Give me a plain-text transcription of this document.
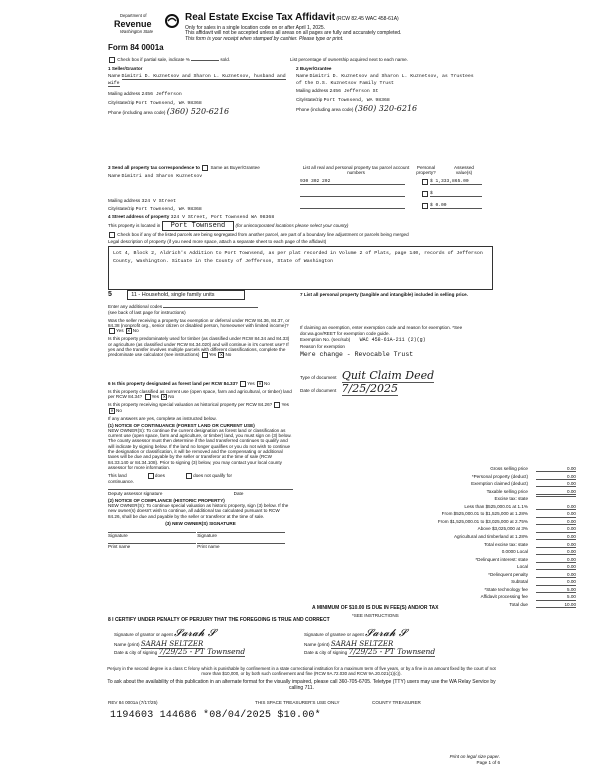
Department of
Revenue
Washington State
Form 84 0001a
Real Estate Excise Tax Affidavit (RCW 82.45 WAC 458-61A)
Only for sales in a single location code on or after April 1, 2025.
This affidavit will not be accepted unless all areas on all pages are fully and accurately completed.
This form is your receipt when stamped by cashier. Please type or print.
Check box if partial sale, indicate %	sold.	List percentage of ownership acquired next to each name.
1 Seller/Grantor
Name Dimitri D. Kuznetsov and Sharon L. Kuznetsov, husband and wife
Mailing address 2456 Jefferson
City/state/zip Port Townsend, WA 98368
Phone (including area code) (360) 520-6216
2 Buyer/Grantee
Name Dimitri D. Kuznetsov and Sharon L. Kuznetsov, as Trustees of the D.S. Kuznetsov Family Trust
Mailing address 2456 Jefferson St
City/state/zip Port Townsend, WA 98368
Phone (including area code) (360) 320-6216
3 Send all property tax correspondence to Same as Buyer/Grantee
Name Dimitri and Sharon Kuznetsov
Mailing address 324 V Street
City/state/zip Port Townsend, WA 98368
List all real and personal property tax parcel account numbers
Personal property?
Assessed value(s)
930 302 202	$ 1,333,865.00
$
$ 0.00
4 Street address of property 324 V Street, Port Townsend WA 98368
This property is located in Port Townsend (for unincorporated locations please select your county)
Check box if any of the listed parcels are being segregated from another parcel, are part of a boundary line adjustment or parcels being merged
Legal description of property (if you need more space, attach a separate sheet to each page of the affidavit)
Lot 4, Block 2, Aldrich's Addition to Port Townsend, as per plat recorded in Volume 2 of Plats, page 140, records of Jefferson County, Washington. Situate in the County of Jefferson, State of Washington
5	11 - Household, single family units
Enter any additional codes
(see back of last page for instructions)
Was the seller receiving a property tax exemption or deferral under RCW 84.36, 84.37, or 84.38 (nonprofit org., senior citizen or disabled person, homeowner with limited income)? Yes ✕ No
Is this property predominately used for timber (as classified under RCW 84.34 and 84.33) or agriculture (as classified under RCW 84.34.020) and will continue in it's current use? If yes and the transfer involves multiple parcels with different classifications, complete the predominate use calculator (see instructions) Yes ✕ No
6 Is this property designated as forest land per RCW 84.33? Yes ✕ No
Is this property classified as current use (open space, farm and agricultural, or timber) land per RCW 84.34? Yes ✕ No
Is this property receiving special valuation as historical property per RCW 84.26? Yes ✕ No
If any answers are yes, complete as instructed below.
(1) NOTICE OF CONTINUANCE (FOREST LAND OR CURRENT USE)
NEW OWNER(S): To continue the current designation as forest land or classification as current use (open space, farm and agriculture, or timber) land, you must sign on (3) below. The county assessor must then determine if the land transferred continues to qualify and will indicate by signing below. If the land no longer qualifies or you do not wish to continue the designation or classification, it will be removed and the compensating or additional taxes will be due and payable by the seller or transferor at the time of sale (RCW 84.33.140 or 84.34.108). Prior to signing (3) below, you may contact your local county assessor for more information.
This land	does	does not qualify for
continuance.
Deputy assessor signature	Date
(2) NOTICE OF COMPLIANCE (HISTORIC PROPERTY)
NEW OWNER(S): To continue special valuation as historic property, sign (3) below. If the new owner(s) doesn't wish to continue, all additional tax calculated pursuant to RCW 84.26, shall be due and payable by the seller or transferor at the time of sale.
(3) NEW OWNER(S) SIGNATURE
Signature	Signature
Print name	Print name
7 List all personal property (tangible and intangible) included in selling price.
If claiming an exemption, enter exemption code and reason for exemption. *See dor.wa.gov/REET for exemption code guide.
Exemption No. (sec/sub) WAC 458-61A-211 (2)(g)
Reason for exemption
Mere change - Revocable Trust
Type of document Quit Claim Deed
Date of document 7/25/2025
Gross selling price	0.00
*Personal property (deduct)	0.00
Exemption claimed (deduct)	0.00
Taxable selling price	0.00
Excise tax: state
Less than $525,000.01 at 1.1%	0.00
From $525,000.01 to $1,525,000 at 1.28%	0.00
From $1,525,000.01 to $3,025,000 at 2.75%	0.00
Above $3,025,000 at 3%	0.00
Agricultural and timberland at 1.28%	0.00
Total excise tax: state	0.00
0.0000 Local	0.00
*Delinquent interest: state	0.00
Local	0.00
*Delinquent penalty	0.00
Subtotal	0.00
*State technology fee	5.00
Affidavit processing fee	5.00
Total due	10.00
A MINIMUM OF $10.00 IS DUE IN FEE(S) AND/OR TAX
*SEE INSTRUCTIONS
8 I CERTIFY UNDER PENALTY OF PERJURY THAT THE FOREGOING IS TRUE AND CORRECT
Signature of grantor or agent 𝓢𝓪𝓻𝓪𝓱 𝓢
Name (print) SARAH SELTZER
Date & city of signing 7/29/25 - PT Townsend
Signature of grantee or agent 𝓢𝓪𝓻𝓪𝓱 𝓢
Name (print) SARAH SELTZER
Date & city of signing 7/29/25 - PT Townsend
Perjury in the second degree is a class C felony which is punishable by confinement in a state correctional institution for a maximum term of five years, or by a fine in an amount fixed by the court of not more than $10,000, or by both such confinement and fine (RCW 9A.72.030 and RCW 9A.20.021(1)(c)).
To ask about the availability of this publication in an alternate format for the visually impaired, please call 360-705-6705. Teletype (TTY) users may use the WA Relay Service by calling 711.
REV 84 0001a (7/17/25)	THIS SPACE TREASURER'S USE ONLY	COUNTY TREASURER
1194603 144686 *08/04/2025 $10.00*
Print on legal size paper.
Page 1 of 6
